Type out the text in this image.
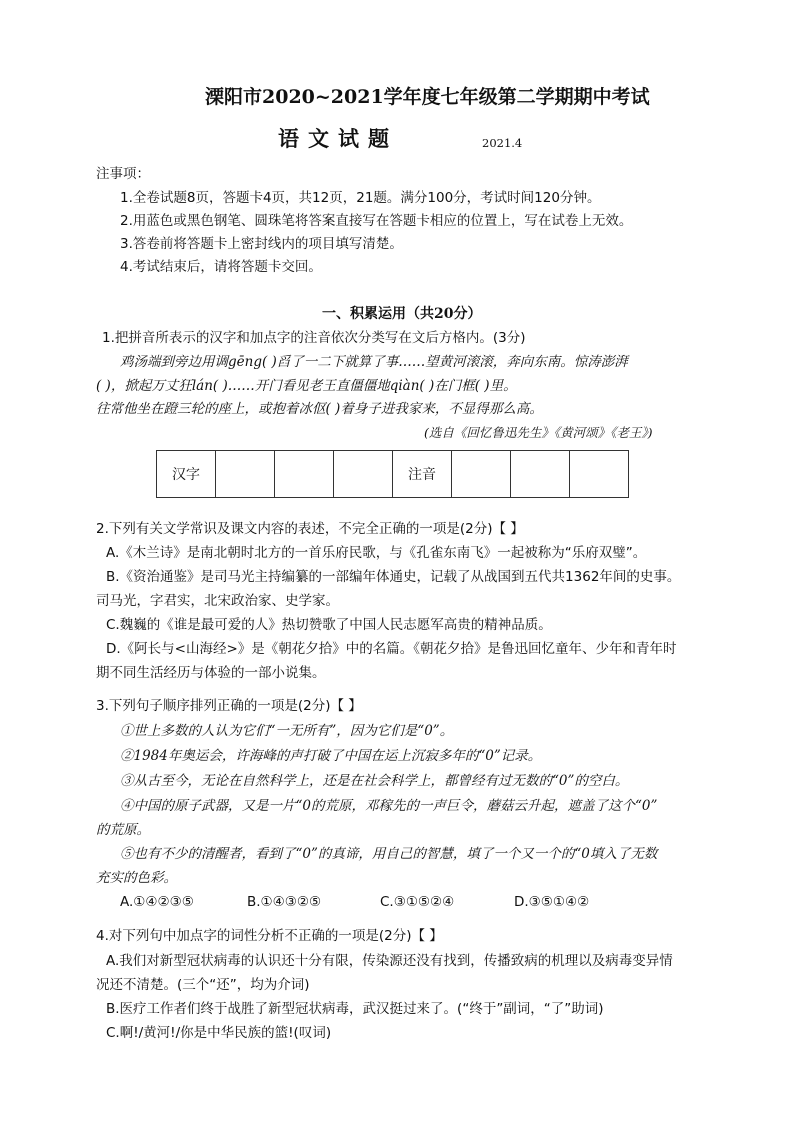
溧阳市2020~2021学年度七年级第二学期期中考试
语文试题	2021.4
注事项：
1.全卷试题8页，答题卡4页，共12页，21题。满分100分，考试时间120分钟。
2.用蓝色或黑色钢笔、圆珠笔将答案直接写在答题卡相应的位置上，写在试卷上无效。
3.答卷前将答题卡上密封线内的项目填写清楚。
4.考试结束后，请将答题卡交回。
一、积累运用（共20分）
1.把拼音所表示的汉字和加点字的注音依次分类写在文后方格内。(3分)
鸡汤端到旁边用调gēng( )舀了一二下就算了事……望黄河滚滚，奔向东南。惊涛澎湃
( )，掀起万丈狂lán( )……开门看见老王直僵僵地qiàn( )在门框( )里。
往常他坐在蹬三轮的座上，或抱着冰伛( )着身子进我家来，不显得那么高。
(选自《回忆鲁迅先生》《黄河颂》《老王》)
汉字				注音			
2.下列有关文学常识及课文内容的表述，不完全正确的一项是(2分)【 】
A.《木兰诗》是南北朝时北方的一首乐府民歌，与《孔雀东南飞》一起被称为“乐府双璧”。
B.《资治通鉴》是司马光主持编纂的一部编年体通史，记载了从战国到五代共1362年间的史事。
司马光，字君实，北宋政治家、史学家。
C.魏巍的《谁是最可爱的人》热切赞歌了中国人民志愿军高贵的精神品质。
D.《阿长与<山海经>》是《朝花夕拾》中的名篇。《朝花夕拾》是鲁迅回忆童年、少年和青年时
期不同生活经历与体验的一部小说集。
3.下列句子顺序排列正确的一项是(2分)【 】
①世上多数的人认为它们“一无所有”，因为它们是“0”。
②1984年奥运会，许海峰的声打破了中国在运上沉寂多年的“0”记录。
③从古至今，无论在自然科学上，还是在社会科学上，都曾经有过无数的“0”的空白。
④中国的原子武器，又是一片“0的荒原，邓稼先的一声巨令，蘑菇云升起，遮盖了这个“0”
的荒原。
⑤也有不少的清醒者，看到了“0”的真谛，用自己的智慧，填了一个又一个的“0填入了无数
充实的色彩。
A.①④②③⑤	B.①④③②⑤	C.③①⑤②④	D.③⑤①④②
4.对下列句中加点字的词性分析不正确的一项是(2分)【 】
A.我们对新型冠状病毒的认识还十分有限，传染源还没有找到，传播致病的机理以及病毒变异情
况还不清楚。(三个“还”，均为介词)
B.医疗工作者们终于战胜了新型冠状病毒，武汉挺过来了。(“终于”副词，“了”助词)
C.啊!/黄河!/你是中华民族的篮!(叹词)
